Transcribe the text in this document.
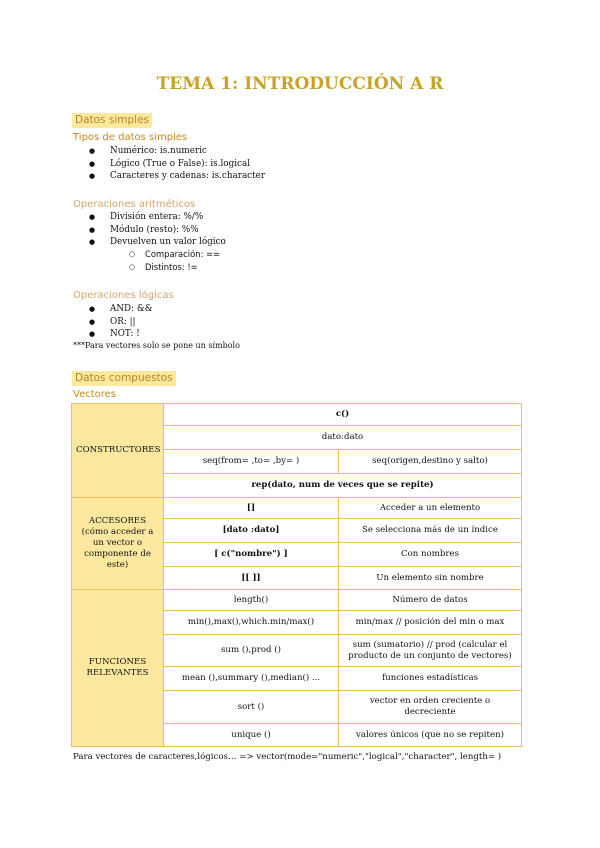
TEMA 1: INTRODUCCIÓN A R
Datos simples
Tipos de datos simples
● Numérico: is.numeric
● Lógico (True o False): is.logical
● Caracteres y cadenas: is.character
Operaciones aritméticos
● División entera: %/%
● Módulo (resto): %%
● Devuelven un valor lógico
○ Comparación: ==
○ Distintos: !=
Operaciones lógicas
● AND: &&
● OR: ||
● NOT: !
***Para vectores solo se pone un símbolo
Datos compuestos
Vectores
CONSTRUCTORES	c()	
	dato:dato	
	seq(from= ,to= ,by= )	seq(origen,destino y salto)
	rep(dato, num de veces que se repite)	

ACCESORES
(cómo acceder a un vector o componente de este)	[]	Acceder a un elemento
	[dato :dato]	Se selecciona más de un índice
	[ c("nombre") ]	Con nombres
	[[ ]]	Un elemento sin nombre
FUNCIONES RELEVANTES	length()	Número de datos
	min(),max(),which.min/max()	min/max // posición del min o max
	sum (),prod ()	sum (sumatorio) // prod (calcular el producto de un conjunto de vectores)
	mean (),summary (),median() ...	funciones estadísticas
	sort ()	vector en orden creciente o decreciente
	unique ()	valores únicos (que no se repiten)
Para vectores de caracteres,lógicos… => vector(mode="numeric","logical","character", length= )
